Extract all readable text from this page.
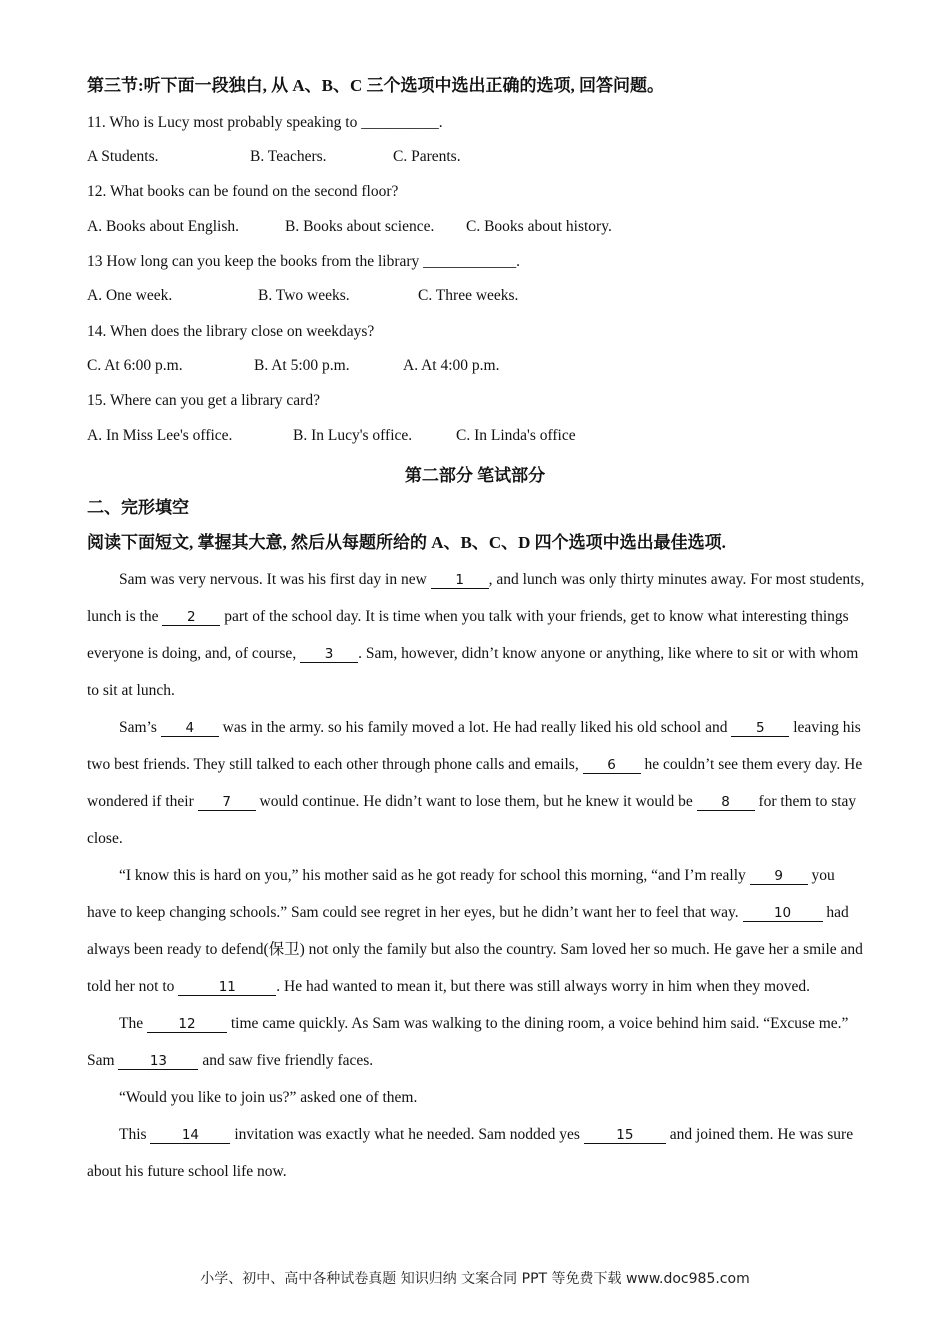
第三节:听下面一段独白, 从 A、B、C 三个选项中选出正确的选项, 回答问题。
11. Who is Lucy most probably speaking to __________.
A Students.	B. Teachers.	C. Parents.
12. What books can be found on the second floor?
A. Books about English.	B. Books about science. C. Books about history.
13 How long can you keep the books from the library ____________.
A. One week.	B. Two weeks.	C. Three weeks.
14. When does the library close on weekdays?
C. At 6:00 p.m.	B. At 5:00 p.m.	A. At 4:00 p.m.
15. Where can you get a library card?
A. In Miss Lee's office.	B. In Lucy's office.	C. In Linda's office
第二部分 笔试部分
二、完形填空
阅读下面短文, 掌握其大意, 然后从每题所给的 A、B、C、D 四个选项中选出最佳选项.

Sam was very nervous. It was his first day in new 1 , and lunch was only thirty minutes away. For most students, lunch is the 2 part of the school day. It is time when you talk with your friends, get to know what interesting things everyone is doing, and, of course, 3 . Sam, however, didn’t know anyone or anything, like where to sit or with whom to sit at lunch.

Sam’s 4 was in the army. so his family moved a lot. He had really liked his old school and 5 leaving his two best friends. They still talked to each other through phone calls and emails, 6 he couldn’t see them every day. He wondered if their 7 would continue. He didn’t want to lose them, but he knew it would be 8 for them to stay close.

“I know this is hard on you,” his mother said as he got ready for school this morning, “and I’m really 9 you have to keep changing schools.” Sam could see regret in her eyes, but he didn’t want her to feel that way. 10 had always been ready to defend(保卫) not only the family but also the country. Sam loved her so much. He gave her a smile and told her not to	11	. He had wanted to mean it, but there was still always worry in him when they moved.

The 12 time came quickly. As Sam was walking to the dining room, a voice behind him said. “Excuse me.” Sam 13 and saw five friendly faces.

“Would you like to join us?” asked one of them.

This 14 invitation was exactly what he needed. Sam nodded yes 15 and joined them. He was sure about his future school life now.

小学、初中、高中各种试卷真题 知识归纳 文案合同 PPT 等免费下载 www.doc985.com
